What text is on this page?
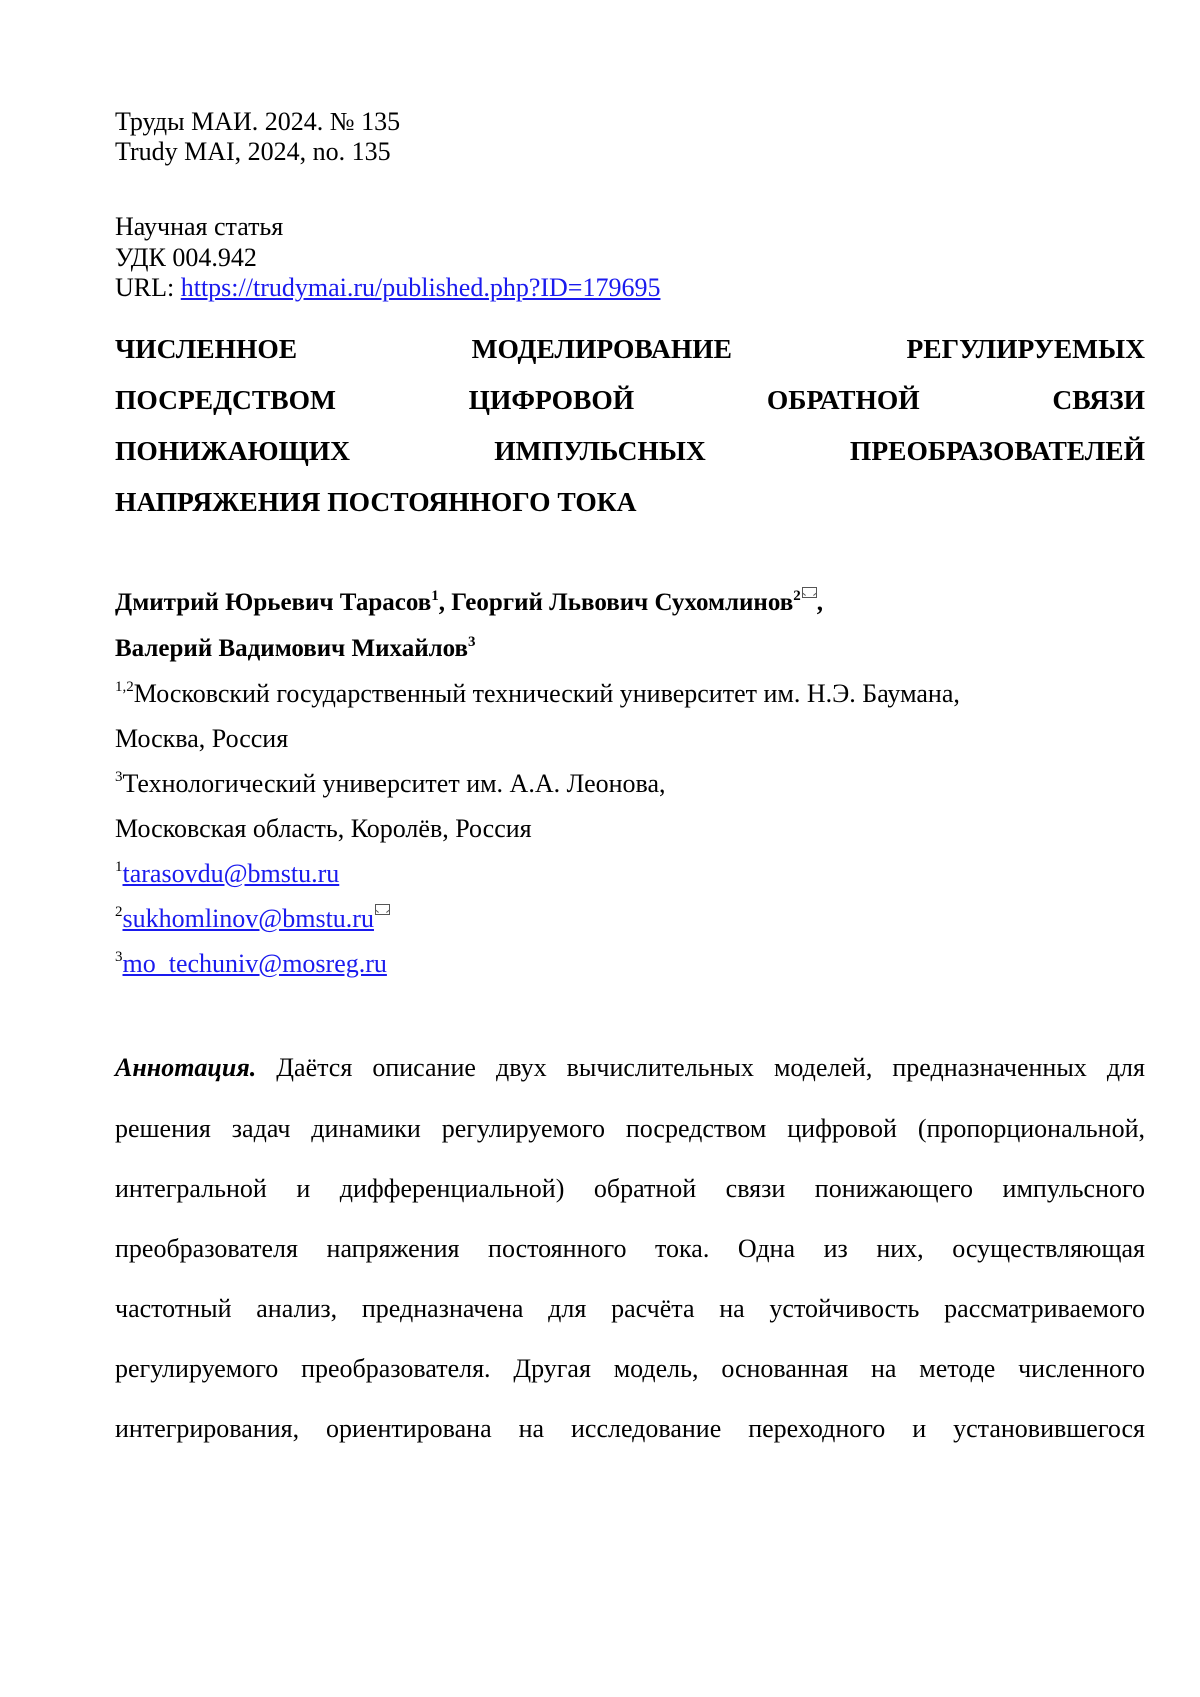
Труды МАИ. 2024. № 135
Trudy MAI, 2024, no. 135
Научная статья
УДК 004.942
URL: https://trudymai.ru/published.php?ID=179695
ЧИСЛЕННОЕ МОДЕЛИРОВАНИЕ РЕГУЛИРУЕМЫХ
ПОСРЕДСТВОМ ЦИФРОВОЙ ОБРАТНОЙ СВЯЗИ
ПОНИЖАЮЩИХ ИМПУЛЬСНЫХ ПРЕОБРАЗОВАТЕЛЕЙ
НАПРЯЖЕНИЯ ПОСТОЯННОГО ТОКА
Дмитрий Юрьевич Тарасов1, Георгий Львович Сухомлинов2 ,
Валерий Вадимович Михайлов3
1,2Московский государственный технический университет им. Н.Э. Баумана,
Москва, Россия
3Технологический университет им. А.А. Леонова,
Московская область, Королёв, Россия
1tarasovdu@bmstu.ru
2sukhomlinov@bmstu.ru
3mo_techuniv@mosreg.ru
Аннотация. Даётся описание двух вычислительных моделей, предназначенных для
решения задач динамики регулируемого посредством цифровой (пропорциональной,
интегральной и дифференциальной) обратной связи понижающего импульсного
преобразователя напряжения постоянного тока. Одна из них, осуществляющая
частотный анализ, предназначена для расчёта на устойчивость рассматриваемого
регулируемого преобразователя. Другая модель, основанная на методе численного
интегрирования, ориентирована на исследование переходного и установившегося
